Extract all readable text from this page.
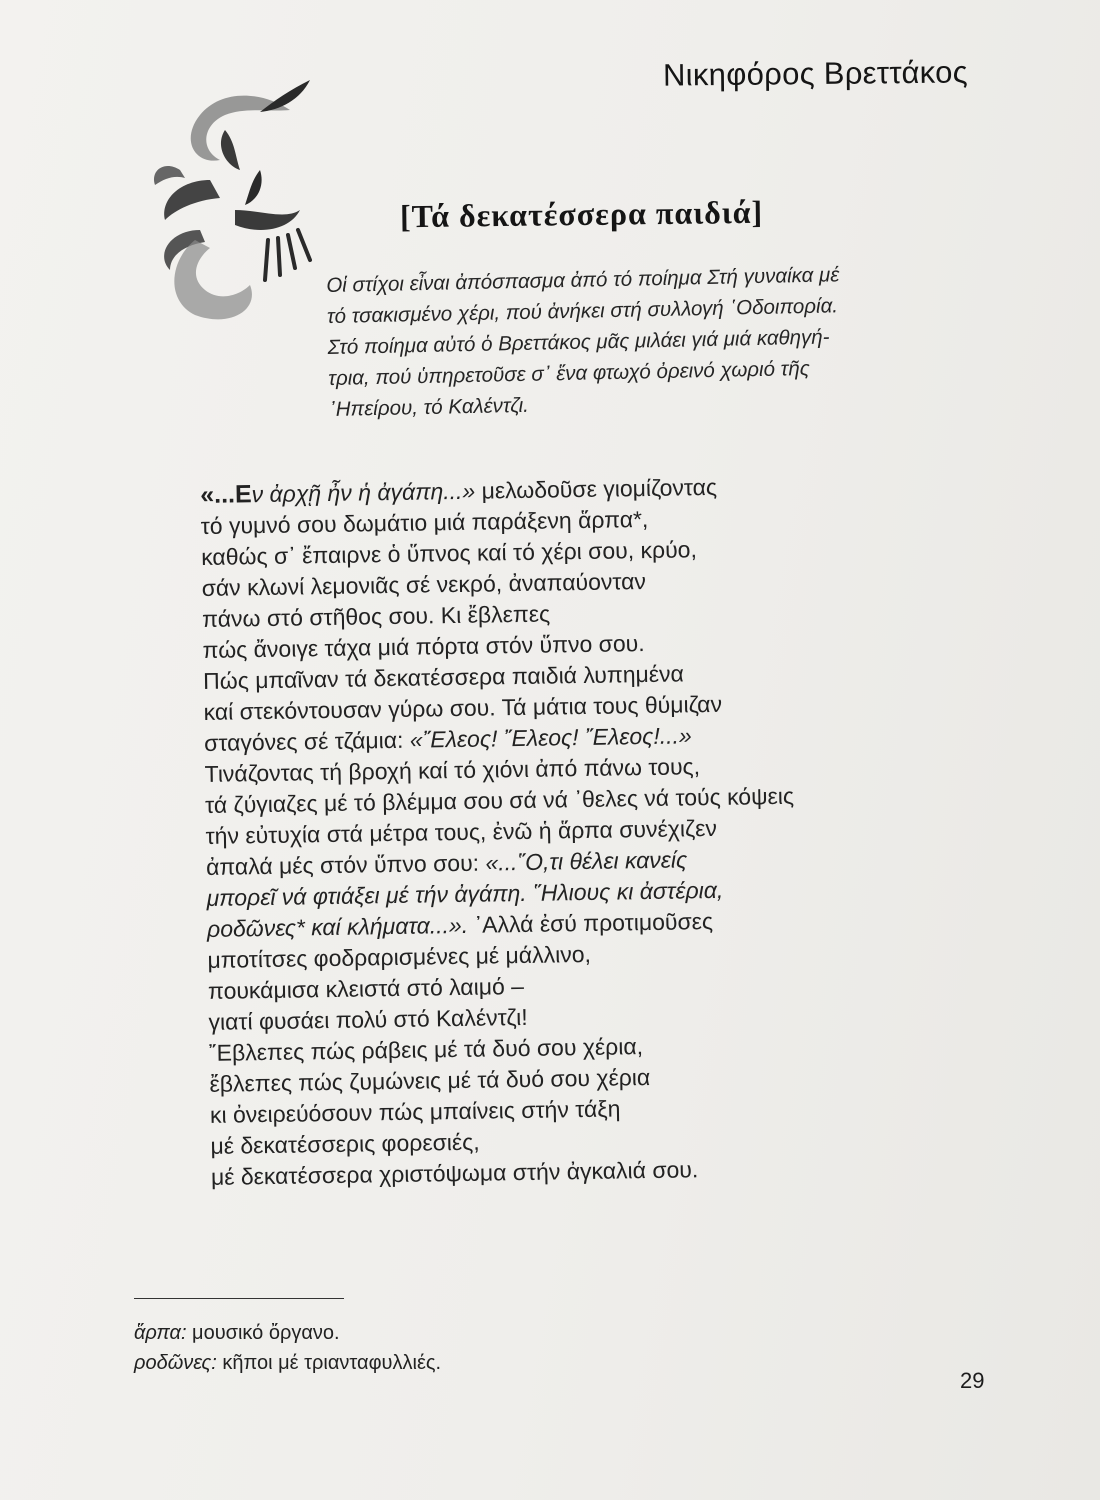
Νικηφόρος Βρεττάκος
[Τά δεκατέσσερα παιδιά]
Οἱ στίχοι εἶναι ἀπόσπασμα ἀπό τό ποίημα Στή γυναίκα μέ
τό τσακισμένο χέρι, πού ἀνήκει στή συλλογή ῾Οδοιπορία.
Στό ποίημα αὐτό ὁ Βρεττάκος μᾶς μιλάει γιά μιά καθηγή-
τρια, πού ὑπηρετοῦσε σ᾽ ἕνα φτωχό ὀρεινό χωριό τῆς
᾽Ηπείρου, τό Καλέντζι.
«...Εν ἀρχῇ ἦν ἡ ἀγάπη...» μελωδοῦσε γιομίζοντας
τό γυμνό σου δωμάτιο μιά παράξενη ἅρπα*,
καθώς σ᾽ ἔπαιρνε ὁ ὕπνος καί τό χέρι σου, κρύο,
σάν κλωνί λεμονιᾶς σέ νεκρό, ἀναπαύονταν
πάνω στό στῆθος σου. Κι ἔβλεπες
πώς ἄνοιγε τάχα μιά πόρτα στόν ὕπνο σου.
Πώς μπαῖναν τά δεκατέσσερα παιδιά λυπημένα
καί στεκόντουσαν γύρω σου. Τά μάτια τους θύμιζαν
σταγόνες σέ τζάμια: «῎Ελεος! ῎Ελεος! ῎Ελεος!...»
Τινάζοντας τή βροχή καί τό χιόνι ἀπό πάνω τους,
τά ζύγιαζες μέ τό βλέμμα σου σά νά ᾽θελες νά τούς κόψεις
τήν εὐτυχία στά μέτρα τους, ἐνῶ ἡ ἅρπα συνέχιζεν
ἀπαλά μές στόν ὕπνο σου: «...῞Ο,τι θέλει κανείς
μπορεῖ νά φτιάξει μέ τήν ἀγάπη. ῞Ηλιους κι ἀστέρια,
ροδῶνες* καί κλήματα...». ᾽Αλλά ἐσύ προτιμοῦσες
μποτίτσες φοδραρισμένες μέ μάλλινο,
πουκάμισα κλειστά στό λαιμό –
γιατί φυσάει πολύ στό Καλέντζι!
῎Εβλεπες πώς ράβεις μέ τά δυό σου χέρια,
ἔβλεπες πώς ζυμώνεις μέ τά δυό σου χέρια
κι ὀνειρεύόσουν πώς μπαίνεις στήν τάξη
μέ δεκατέσσερις φορεσιές,
μέ δεκατέσσερα χριστόψωμα στήν ἀγκαλιά σου.
ἅρπα: μουσικό ὄργανο.
ροδῶνες: κῆποι μέ τριανταφυλλιές.
29
